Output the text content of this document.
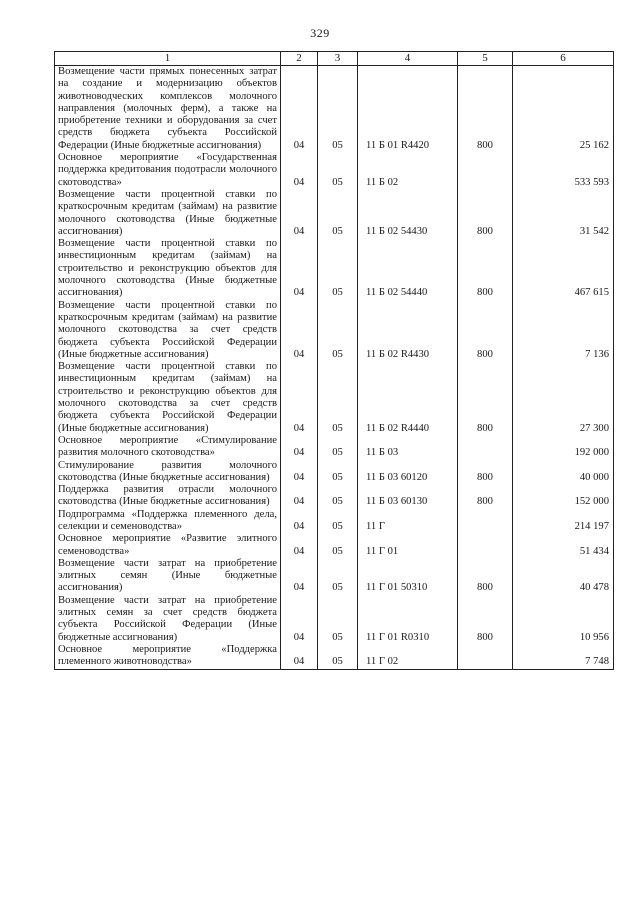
329
1	2	3	4	5	6
Возмещение части прямых понесенных затрат на создание и модернизацию объектов животноводческих комплексов молочного направления (молочных ферм), а также на приобретение техники и оборудования за счет средств бюджета субъекта Российской Федерации (Иные бюджетные ассигнования)	04	05	11 Б 01 R4420	800	25 162
Основное мероприятие «Государственная поддержка кредитования подотрасли молочного скотоводства»	04	05	11 Б 02		533 593
Возмещение части процентной ставки по краткосрочным кредитам (займам) на развитие молочного скотоводства (Иные бюджетные ассигнования)	04	05	11 Б 02 54430	800	31 542
Возмещение части процентной ставки по инвестиционным кредитам (займам) на строительство и реконструкцию объектов для молочного скотоводства (Иные бюджетные ассигнования)	04	05	11 Б 02 54440	800	467 615
Возмещение части процентной ставки по краткосрочным кредитам (займам) на развитие молочного скотоводства за счет средств бюджета субъекта Российской Федерации (Иные бюджетные ассигнования)	04	05	11 Б 02 R4430	800	7 136
Возмещение части процентной ставки по инвестиционным кредитам (займам) на строительство и реконструкцию объектов для молочного скотоводства за счет средств бюджета субъекта Российской Федерации (Иные бюджетные ассигнования)	04	05	11 Б 02 R4440	800	27 300
Основное мероприятие «Стимулирование развития молочного скотоводства»	04	05	11 Б 03		192 000
Стимулирование развития молочного скотоводства (Иные бюджетные ассигнования)	04	05	11 Б 03 60120	800	40 000
Поддержка развития отрасли молочного скотоводства (Иные бюджетные ассигнования)	04	05	11 Б 03 60130	800	152 000
Подпрограмма «Поддержка племенного дела, селекции и семеноводства»	04	05	11 Г		214 197
Основное мероприятие «Развитие элитного семеноводства»	04	05	11 Г 01		51 434
Возмещение части затрат на приобретение элитных семян (Иные бюджетные ассигнования)	04	05	11 Г 01 50310	800	40 478
Возмещение части затрат на приобретение элитных семян за счет средств бюджета субъекта Российской Федерации (Иные бюджетные ассигнования)	04	05	11 Г 01 R0310	800	10 956
Основное мероприятие «Поддержка племенного животноводства»	04	05	11 Г 02		7 748
